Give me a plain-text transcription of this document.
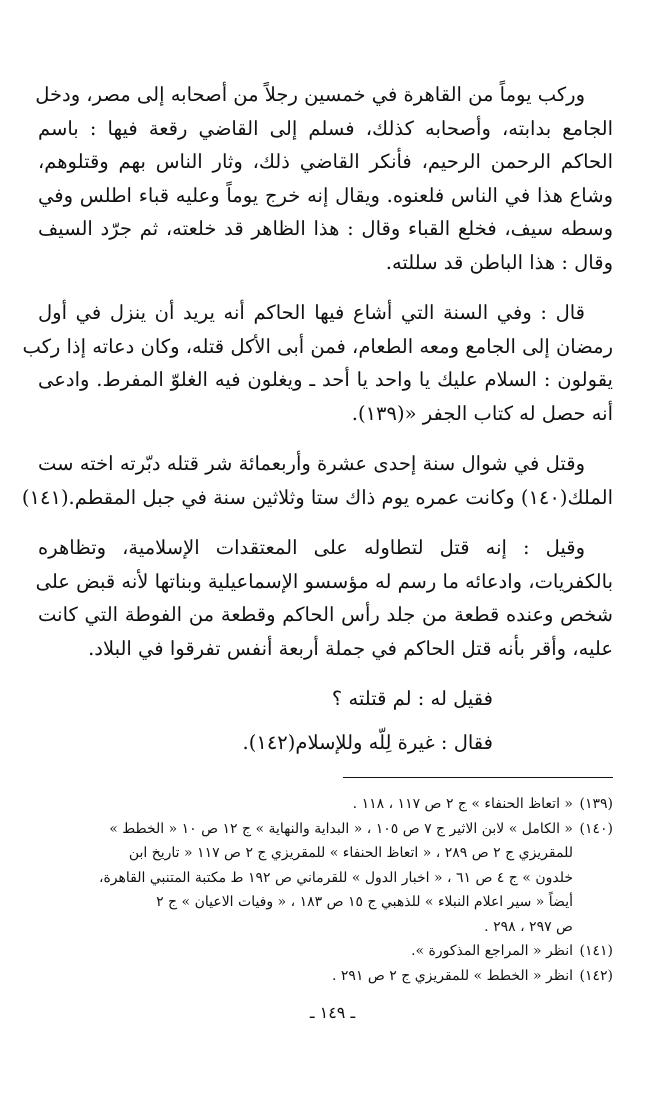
وركب يوماً من القاهرة في خمسين رجلاً من أصحابه إلى مصر، ودخل
الجامع بدابته، وأصحابه كذلك، فسلم إلى القاضي رقعة فيها : باسم
الحاكم الرحمن الرحيم، فأنكر القاضي ذلك، وثار الناس بهم وقتلوهم،
وشاع هذا في الناس فلعنوه. ويقال إنه خرج يوماً وعليه قباء اطلس وفي
وسطه سيف، فخلع القباء وقال : هذا الظاهر قد خلعته، ثم جرّد السيف
وقال : هذا الباطن قد سللته.
قال : وفي السنة التي أشاع فيها الحاكم أنه يريد أن ينزل في أول
رمضان إلى الجامع ومعه الطعام، فمن أبى الأكل قتله، وكان دعاته إذا ركب
يقولون : السلام عليك يا واحد يا أحد ـ ويغلون فيه الغلوّ المفرط. وادعى
أنه حصل له كتاب الجفر «(١٣٩).
وقتل في شوال سنة إحدى عشرة وأربعمائة شر قتله دبّرته اخته ست
الملك(١٤٠) وكانت عمره يوم ذاك ستا وثلاثين سنة في جبل المقطم.(١٤١)
وقيل : إنه قتل لتطاوله على المعتقدات الإسلامية، وتظاهره
بالكفريات، وادعائه ما رسم له مؤسسو الإسماعيلية وبناتها لأنه قبض على
شخص وعنده قطعة من جلد رأس الحاكم وقطعة من الفوطة التي كانت
عليه، وأقر بأنه قتل الحاكم في جملة أربعة أنفس تفرقوا في البلاد.
فقيل له : لم قتلته ؟
فقال : غيرة لِلّه وللإسلام(١٤٢).
(١٣٩)
« اتعاظ الحنفاء » ج ٢ ص ١١٧ ، ١١٨ .
(١٤٠)
« الكامل » لابن الاثير ج ٧ ص ١٠٥ ، « البداية والنهاية » ج ١٢ ص ١٠ « الخطط »
للمقريزي ج ٢ ص ٢٨٩ ، « اتعاظ الحنفاء » للمقريزي ج ٢ ص ١١٧ « تاريخ ابن
خلدون » ج ٤ ص ٦١ ، « اخبار الدول » للقرماني ص ١٩٢ ط مكتبة المتنبي القاهرة،
أيضاً « سير اعلام النبلاء » للذهبي ج ١٥ ص ١٨٣ ، « وفيات الاعيان » ج ٢
ص ٢٩٧ ، ٢٩٨ .
(١٤١)
انظر « المراجع المذكورة ».
(١٤٢)
انظر « الخطط » للمقريزي ج ٢ ص ٢٩١ .
ـ ١٤٩ ـ
